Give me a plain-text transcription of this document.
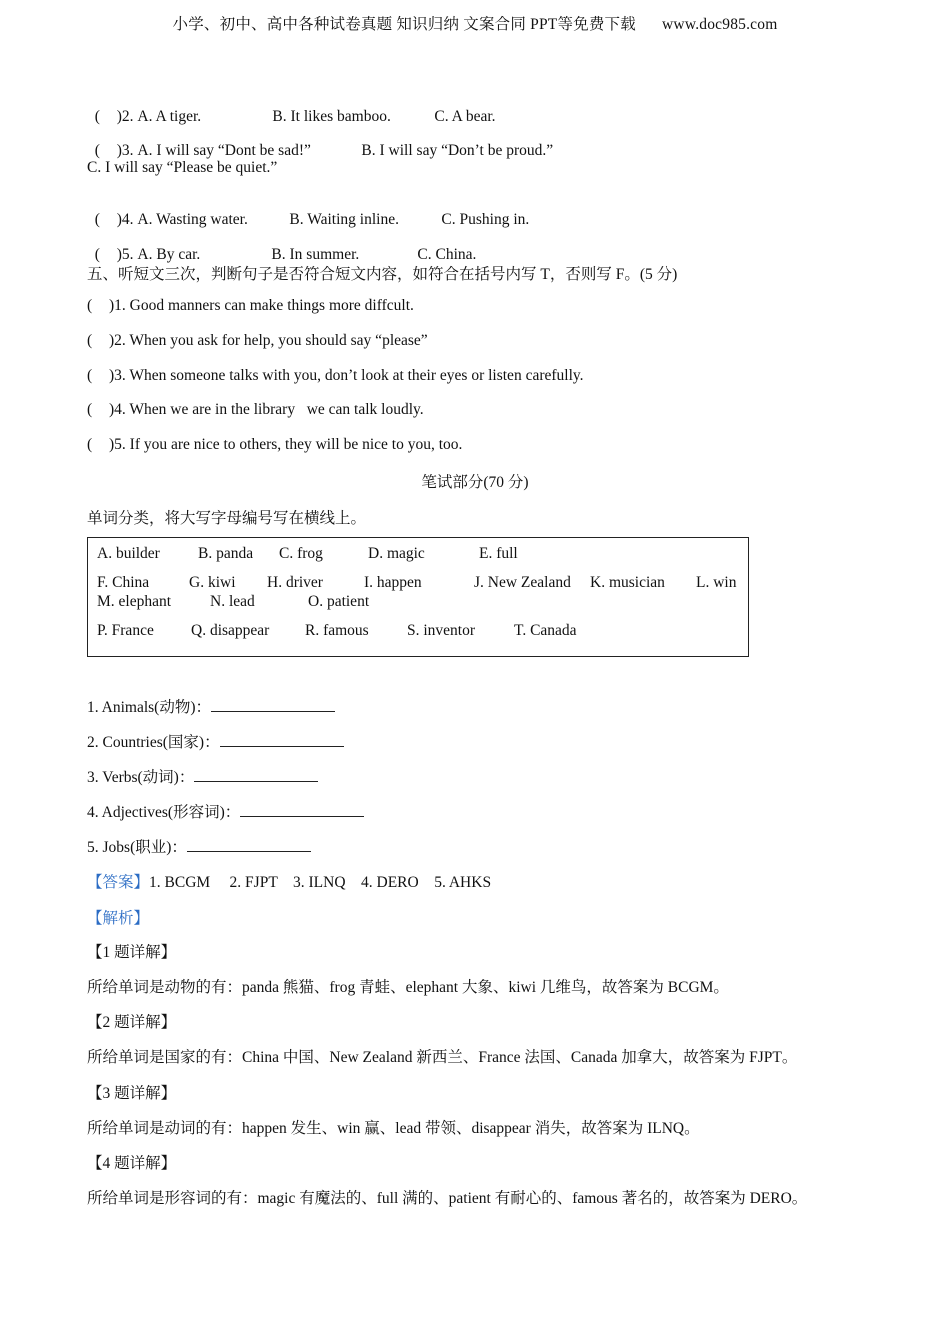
小学、初中、高中各种试卷真题 知识归纳 文案合同 PPT等免费下载 www.doc985.com

( )2. A. A tiger.	B. It likes bamboo.	C. A bear.

( )3. A. I will say “Dont be sad!”	B. I will say “Don’t be proud.”

C. I will say “Please be quiet.”

( )4. A. Wasting water.	B. Waiting inline.	C. Pushing in.

( )5. A. By car.	B. In summer.	C. China.

五、听短文三次，判断句子是否符合短文内容，如符合在括号内写 T，否则写 F。(5 分)
( )1. Good manners can make things more diffcult.
( )2. When you ask for help, you should say “please”
( )3. When someone talks with you, don’t look at their eyes or listen carefully.
( )4. When we are in the library   we can talk loudly.
( )5. If you are nice to others, they will be nice to you, too.
笔试部分(70 分)
单词分类，将大写字母编号写在横线上。
A. builder B. panda C. frog	D. magic	E. full
F. China	G. kiwi H. driver	I. happen	J. New Zealand K. musician L. win
M. elephant	N. lead	O. patient
P. France Q. disappear R. famous S. inventor	T. Canada
1. Animals(动物)：
2. Countries(国家)：
3. Verbs(动词)：
4. Adjectives(形容词)：
5. Jobs(职业)：
【答案】1. BCGM     2. FJPT    3. ILNQ    4. DERO    5. AHKS
【解析】
【1 题详解】
所给单词是动物的有：panda 熊猫、frog 青蛙、elephant 大象、kiwi 几维鸟，故答案为 BCGM。
【2 题详解】
所给单词是国家的有：China 中国、New Zealand 新西兰、France 法国、Canada 加拿大，故答案为 FJPT。
【3 题详解】
所给单词是动词的有：happen 发生、win 赢、lead 带领、disappear 消失，故答案为 ILNQ。
【4 题详解】
所给单词是形容词的有：magic 有魔法的、full 满的、patient 有耐心的、famous 著名的，故答案为 DERO。
